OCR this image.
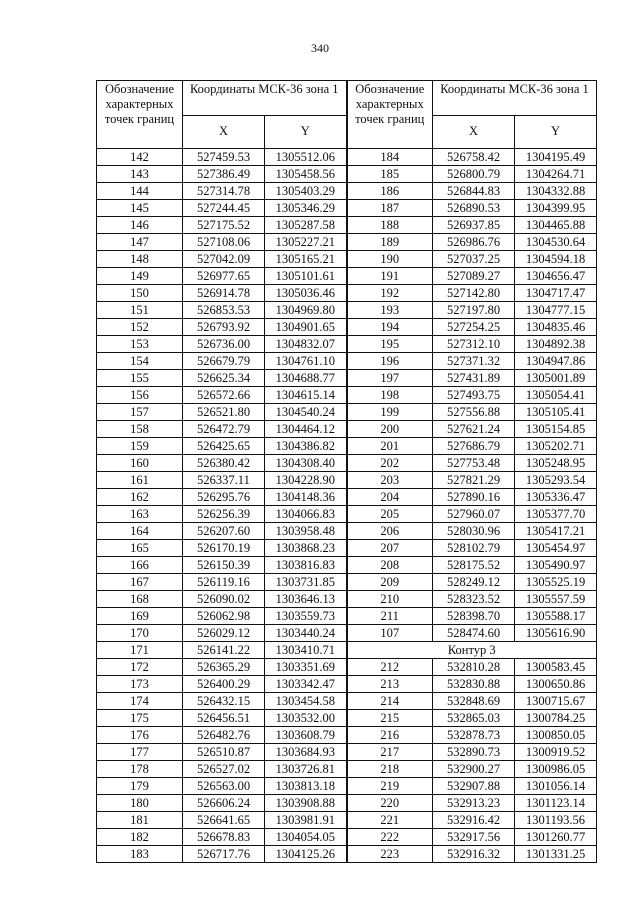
340
Обозначение характерных точек границ	Координаты МСК-36 зона 1		Обозначение характерных точек границ	Координаты МСК-36 зона 1	
	X	Y		X	Y
142	527459.53	1305512.06	184	526758.42	1304195.49
143	527386.49	1305458.56	185	526800.79	1304264.71
144	527314.78	1305403.29	186	526844.83	1304332.88
145	527244.45	1305346.29	187	526890.53	1304399.95
146	527175.52	1305287.58	188	526937.85	1304465.88
147	527108.06	1305227.21	189	526986.76	1304530.64
148	527042.09	1305165.21	190	527037.25	1304594.18
149	526977.65	1305101.61	191	527089.27	1304656.47
150	526914.78	1305036.46	192	527142.80	1304717.47
151	526853.53	1304969.80	193	527197.80	1304777.15
152	526793.92	1304901.65	194	527254.25	1304835.46
153	526736.00	1304832.07	195	527312.10	1304892.38
154	526679.79	1304761.10	196	527371.32	1304947.86
155	526625.34	1304688.77	197	527431.89	1305001.89
156	526572.66	1304615.14	198	527493.75	1305054.41
157	526521.80	1304540.24	199	527556.88	1305105.41
158	526472.79	1304464.12	200	527621.24	1305154.85
159	526425.65	1304386.82	201	527686.79	1305202.71
160	526380.42	1304308.40	202	527753.48	1305248.95
161	526337.11	1304228.90	203	527821.29	1305293.54
162	526295.76	1304148.36	204	527890.16	1305336.47
163	526256.39	1304066.83	205	527960.07	1305377.70
164	526207.60	1303958.48	206	528030.96	1305417.21
165	526170.19	1303868.23	207	528102.79	1305454.97
166	526150.39	1303816.83	208	528175.52	1305490.97
167	526119.16	1303731.85	209	528249.12	1305525.19
168	526090.02	1303646.13	210	528323.52	1305557.59
169	526062.98	1303559.73	211	528398.70	1305588.17
170	526029.12	1303440.24	107	528474.60	1305616.90
171	526141.22	1303410.71	Контур 3		
172	526365.29	1303351.69	212	532810.28	1300583.45
173	526400.29	1303342.47	213	532830.88	1300650.86
174	526432.15	1303454.58	214	532848.69	1300715.67
175	526456.51	1303532.00	215	532865.03	1300784.25
176	526482.76	1303608.79	216	532878.73	1300850.05
177	526510.87	1303684.93	217	532890.73	1300919.52
178	526527.02	1303726.81	218	532900.27	1300986.05
179	526563.00	1303813.18	219	532907.88	1301056.14
180	526606.24	1303908.88	220	532913.23	1301123.14
181	526641.65	1303981.91	221	532916.42	1301193.56
182	526678.83	1304054.05	222	532917.56	1301260.77
183	526717.76	1304125.26	223	532916.32	1301331.25
